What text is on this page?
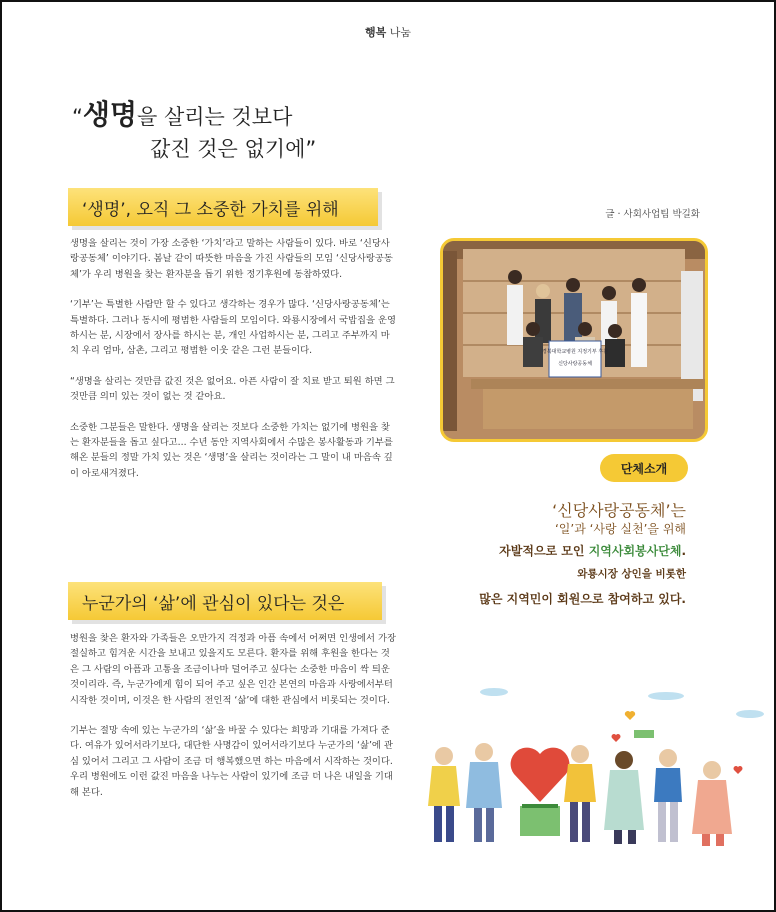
행복 나눔
“생명을 살리는 것보다
값진 것은 없기에”
‘생명’, 오직 그 소중한 가치를 위해

생명을 살리는 것이 가장 소중한 ‘가치’라고 말하는 사람들이 있다. 바로 ‘신당사랑공동체’ 이야기다. 봄날 같이 따뜻한 마음을 가진 사람들의 모임 ‘신당사랑공동체’가 우리 병원을 찾는 환자분을 돕기 위한 정기후원에 동참하였다.

‘기부’는 특별한 사람만 할 수 있다고 생각하는 경우가 많다. ‘신당사랑공동체’는 특별하다. 그러나 동시에 평범한 사람들의 모임이다. 와룡시장에서 국밥집을 운영하시는 분, 시장에서 장사를 하시는 분, 개인 사업하시는 분, 그리고 주부까지 마치 우리 엄마, 삼촌, 그리고 평범한 이웃 같은 그런 분들이다.

“생명을 살리는 것만큼 값진 것은 없어요. 아픈 사람이 잘 치료 받고 퇴원 하면 그것만큼 의미 있는 것이 없는 것 같아요.

소중한 그분들은 말한다. 생명을 살리는 것보다 소중한 가치는 없기에 병원을 찾는 환자분들을 돕고 싶다고... 수년 동안 지역사회에서 수많은 봉사활동과 기부를 해온 분들의 정말 가치 있는 것은 ‘생명’을 살리는 것이라는 그 말이 내 마음속 깊이 아로새겨졌다.

누군가의 ‘삶’에 관심이 있다는 것은

병원을 찾은 환자와 가족들은 오만가지 걱정과 아픔 속에서 어쩌면 인생에서 가장 절실하고 힘겨운 시간을 보내고 있을지도 모른다. 환자를 위해 후원을 한다는 것은 그 사람의 아픔과 고통을 조금이나마 덜어주고 싶다는 소중한 마음이 싹 틔운 것이리라. 즉, 누군가에게 힘이 되어 주고 싶은 인간 본연의 마음과 사랑에서부터 시작한 것이며, 이것은 한 사람의 전인적 ‘삶’에 대한 관심에서 비롯되는 것이다.

기부는 절망 속에 있는 누군가의 ‘삶’을 바꿀 수 있다는 희망과 기대를 가져다 준다. 여유가 있어서라기보다, 대단한 사명감이 있어서라기보다 누군가의 ‘삶’에 관심 있어서 그리고 그 사람이 조금 더 행복했으면 하는 마음에서 시작하는 것이다. 우리 병원에도 이런 값진 마음을 나누는 사람이 있기에 조금 더 나은 내일을 기대해 본다.

글 · 사회사업팀 박길화
경북대학교병원 지정기부 후원
신당사랑공동체
단체소개
‘신당사랑공동체’는
‘일’과 ‘사랑 실천’을 위해
자발적으로 모인 지역사회봉사단체.
와룡시장 상인을 비롯한
많은 지역민이 회원으로 참여하고 있다.
